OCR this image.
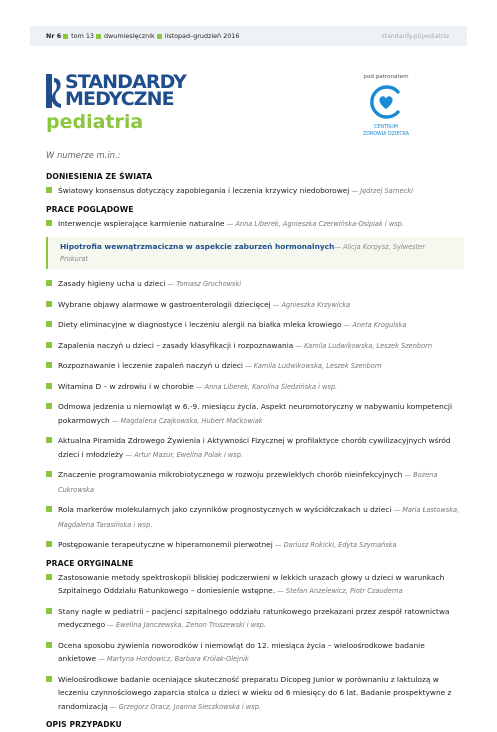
Nr 6 tom 13 dwumiesięcznik listopad–grudzień 2016	standardy.pl/pediatria
STANDARDY
MEDYCZNE
pediatria
pod patronatem
CENTRUM
ZDROWIA DZIECKA
W numerze m.in.:
DONIESIENIA ZE ŚWIATA
Światowy konsensus dotyczący zapobiegania i leczenia krzywicy niedoborowej — Jędrzej Sarnecki
PRACE POGLĄDOWE
Interwencje wspierające karmienie naturalne — Anna Liberek, Agnieszka Czerwińska-Osipiak i wsp.
Hipotrofia wewnątrzmaciczna w aspekcie zaburzeń hormonalnych— Alicja Korpysz, Sylwester Prokurat
Zasady higieny ucha u dzieci — Tomasz Grochowski
Wybrane objawy alarmowe w gastroenterologii dziecięcej — Agnieszka Krzywicka
Diety eliminacyjne w diagnostyce i leczeniu alergii na białka mleka krowiego — Aneta Krogulska
Zapalenia naczyń u dzieci – zasady klasyfikacji i rozpoznawania — Kamila Ludwikowska, Leszek Szenborn
Rozpoznawanie i leczenie zapaleń naczyń u dzieci — Kamila Ludwikowska, Leszek Szenborn
Witamina D – w zdrowiu i w chorobie — Anna Liberek, Karolina Śledzińska i wsp.
Odmowa jedzenia u niemowląt w 6.-9. miesiącu życia. Aspekt neuromotoryczny w nabywaniu kompetencji pokarmowych — Magdalena Czajkowska, Hubert Maćkowiak
Aktualna Piramida Zdrowego Żywienia i Aktywności Fizycznej w profilaktyce chorób cywilizacyjnych wśród dzieci i młodzieży — Artur Mazur, Ewelina Polak i wsp.
Znaczenie programowania mikrobiotycznego w rozwoju przewlekłych chorób nieinfekcyjnych — Bożena Cukrowska
Rola markerów molekularnych jako czynników prognostycznych w wyściółczakach u dzieci — Maria Łastowska, Magdalena Tarasińska i wsp.
Postępowanie terapeutyczne w hiperamonemii pierwotnej — Dariusz Rokicki, Edyta Szymańska
PRACE ORYGINALNE
Zastosowanie metody spektroskopii bliskiej podczerwieni w lekkich urazach głowy u dzieci w warunkach Szpitalnego Oddziału Ratunkowego – doniesienie wstępne. — Stefan Anzelewicz, Piotr Czauderna
Stany nagłe w pediatrii – pacjenci szpitalnego oddziału ratunkowego przekazani przez zespół ratownictwa medycznego — Ewelina Janczewska, Zenon Truszewski i wsp.
Ocena sposobu żywienia noworodków i niemowląt do 12. miesiąca życia – wieloośrodkowe badanie ankietowe — Martyna Hordowicz, Barbara Królak-Olejnik
Wieloośrodkowe badanie oceniające skuteczność preparatu Dicopeg Junior w porównaniu z laktulozą w leczeniu czynnościowego zaparcia stolca u dzieci w wieku od 6 miesięcy do 6 lat. Badanie prospektywne z randomizacją — Grzegorz Oracz, Joanna Sieczkowska i wsp.
OPIS PRZYPADKU
